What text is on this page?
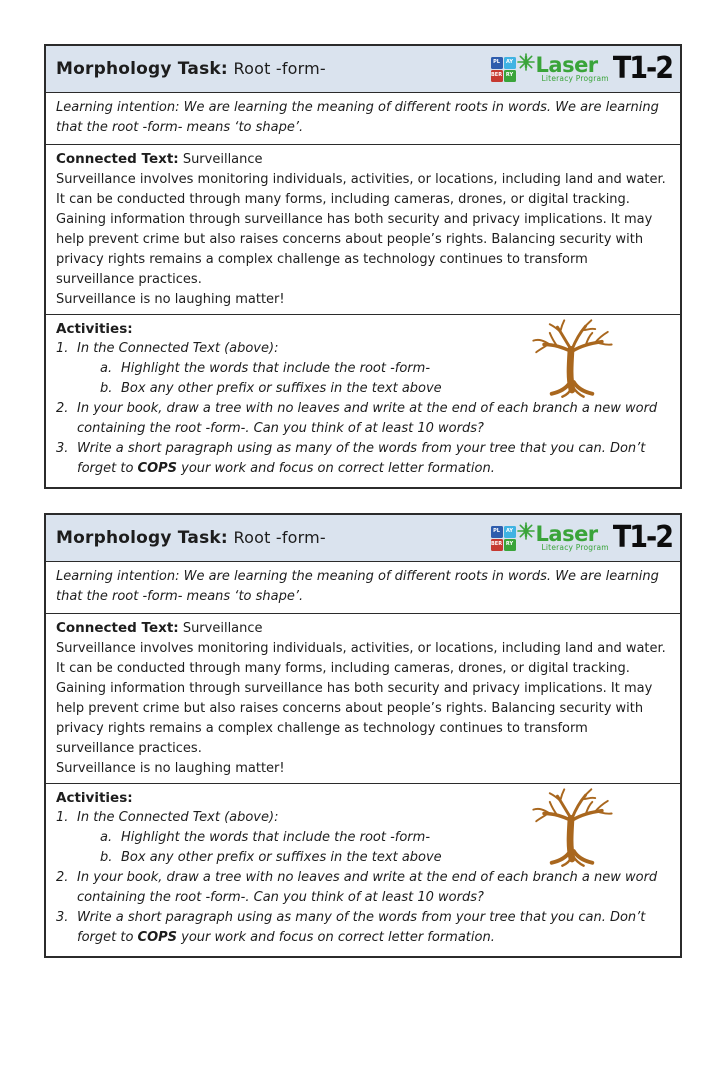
Morphology Task: Root -form-	PL	AY
BER RY Laser
Literacy Program T1-2
Learning intention: We are learning the meaning of different roots in words. We are learning that the root -form- means ‘to shape’.
Connected Text: Surveillance
Surveillance involves monitoring individuals, activities, or locations, including land and water. It can be conducted through many forms, including cameras, drones, or digital tracking. Gaining information through surveillance has both security and privacy implications. It may help prevent crime but also raises concerns about people’s rights. Balancing security with privacy rights remains a complex challenge as technology continues to transform surveillance practices.
Surveillance is no laughing matter!
Activities:
1. In the Connected Text (above):
a. Highlight the words that include the root -form-
b. Box any other prefix or suffixes in the text above
2. In your book, draw a tree with no leaves and write at the end of each branch a new word containing the root -form-. Can you think of at least 10 words?
3. Write a short paragraph using as many of the words from your tree that you can. Don’t forget to COPS your work and focus on correct letter formation.
Morphology Task: Root -form-	PL	AY
BER RY Laser
Literacy Program T1-2
Learning intention: We are learning the meaning of different roots in words. We are learning that the root -form- means ‘to shape’.
Connected Text: Surveillance
Surveillance involves monitoring individuals, activities, or locations, including land and water. It can be conducted through many forms, including cameras, drones, or digital tracking. Gaining information through surveillance has both security and privacy implications. It may help prevent crime but also raises concerns about people’s rights. Balancing security with privacy rights remains a complex challenge as technology continues to transform surveillance practices.
Surveillance is no laughing matter!
Activities:
1. In the Connected Text (above):
a. Highlight the words that include the root -form-
b. Box any other prefix or suffixes in the text above
2. In your book, draw a tree with no leaves and write at the end of each branch a new word containing the root -form-. Can you think of at least 10 words?
3. Write a short paragraph using as many of the words from your tree that you can. Don’t forget to COPS your work and focus on correct letter formation.
